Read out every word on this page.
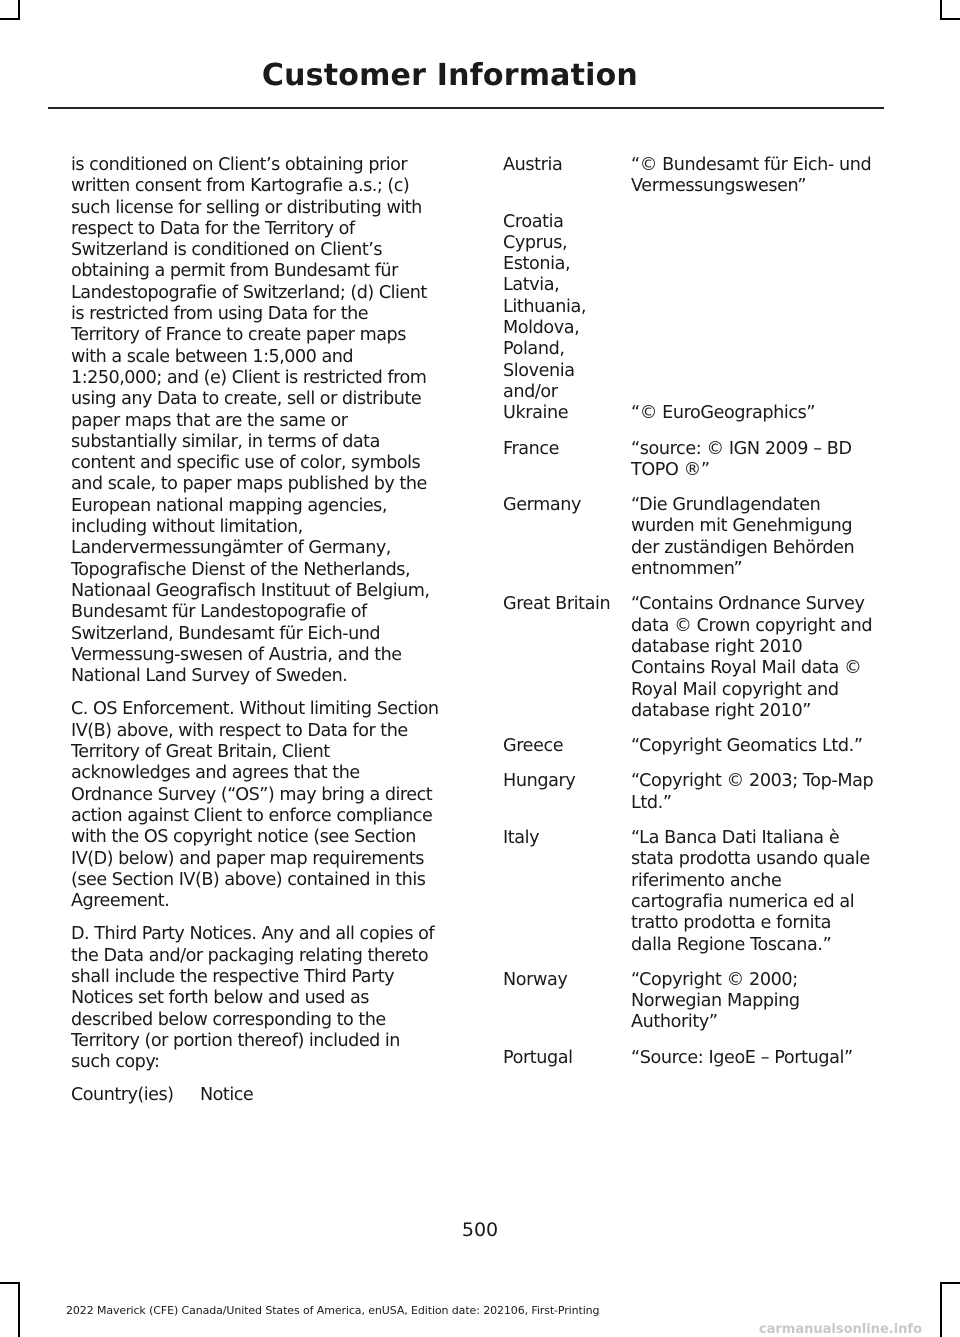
Customer Information

is conditioned on Client’s obtaining prior written consent from Kartografie a.s.; (c) such license for selling or distributing with respect to Data for the Territory of Switzerland is conditioned on Client’s obtaining a permit from Bundesamt für Landestopografie of Switzerland; (d) Client is restricted from using Data for the Territory of France to create paper maps with a scale between 1:5,000 and 1:250,000; and (e) Client is restricted from using any Data to create, sell or distribute paper maps that are the same or substantially similar, in terms of data content and specific use of color, symbols and scale, to paper maps published by the European national mapping agencies, including without limitation, Landervermessungämter of Germany, Topografische Dienst of the Netherlands, Nationaal Geografisch Instituut of Belgium, Bundesamt für Landestopografie of Switzerland, Bundesamt für Eich-und Vermessung-swesen of Austria, and the National Land Survey of Sweden.

C. OS Enforcement. Without limiting Section IV(B) above, with respect to Data for the Territory of Great Britain, Client acknowledges and agrees that the Ordnance Survey (“OS”) may bring a direct action against Client to enforce compliance with the OS copyright notice (see Section IV(D) below) and paper map requirements (see Section IV(B) above) contained in this Agreement.

D. Third Party Notices. Any and all copies of the Data and/or packaging relating thereto shall include the respective Third Party Notices set forth below and used as described below corresponding to the Territory (or portion thereof) included in such copy:

Country(ies) Notice

Austria	“© Bundesamt für Eich- und Vermessungswesen”
Croatia Cyprus, Estonia, Latvia, Lithuania, Moldova, Poland, Slovenia and/or Ukraine	“© EuroGeographics”
France	“source: © IGN 2009 – BD TOPO ®”
Germany	“Die Grundlagendaten wurden mit Genehmigung der zuständigen Behörden entnommen”
Great Britain	“Contains Ordnance Survey data © Crown copyright and database right 2010 Contains Royal Mail data © Royal Mail copyright and database right 2010”
Greece	“Copyright Geomatics Ltd.”
Hungary	“Copyright © 2003; Top-Map Ltd.”
Italy	“La Banca Dati Italiana è stata prodotta usando quale riferimento anche cartografia numerica ed al tratto prodotta e fornita dalla Regione Toscana.”
Norway	“Copyright © 2000; Norwegian Mapping Authority”
Portugal	“Source: IgeoE – Portugal”
500
2022 Maverick (CFE) Canada/United States of America, enUSA, Edition date: 202106, First-Printing
carmanualsonline.info
